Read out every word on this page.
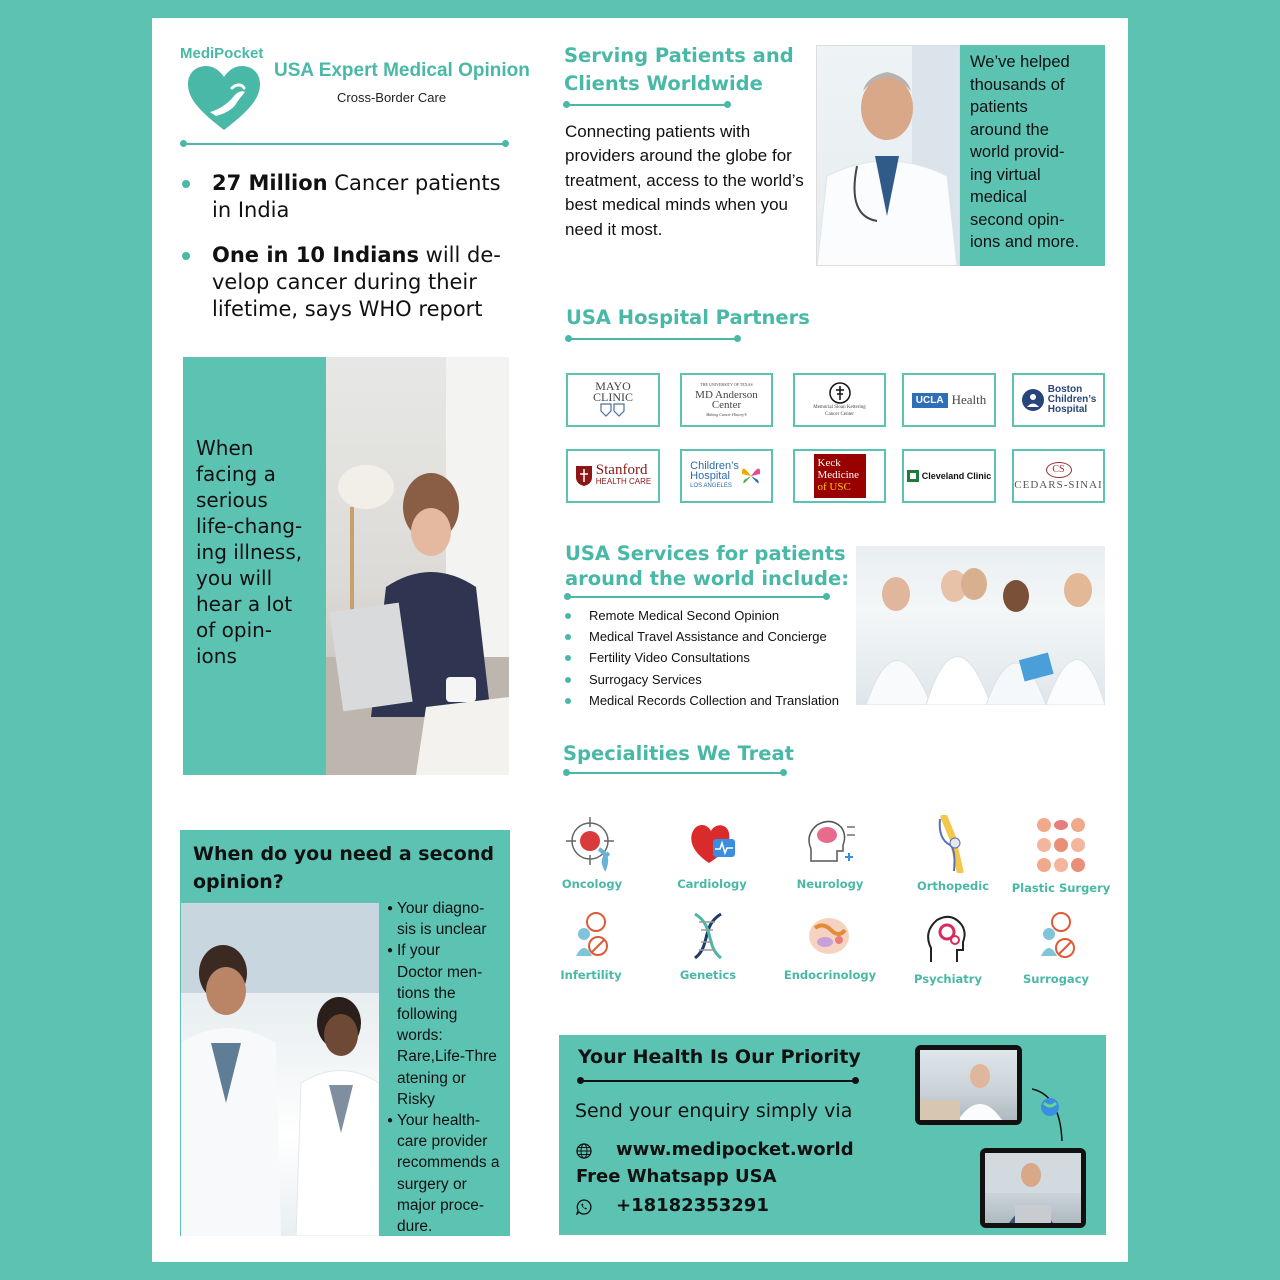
MediPocket
USA Expert Medical Opinion
Cross-Border Care
27 Million Cancer patients in India
One in 10 Indians will de-velop cancer during their lifetime, says WHO report
When
facing a
serious
life-chang-
ing illness,
you will
hear a lot
of opin-
ions
When do you need a second opinion?
● Your diagno-
sis is unclear
● If your
Doctor men-
tions the
following
words:
Rare,Life-Thre
atening or
Risky
● Your health-
care provider
recommends a
surgery or
major proce-
dure.
Serving Patients and
Clients Worldwide
Connecting patients with providers around the globe for treatment, access to the world’s best medical minds when you need it most.
We’ve helped
thousands of
patients
around the
world provid-
ing virtual
medical
second opin-
ions and more.
USA Hospital Partners
MAYO
CLINIC
THE UNIVERSITY OF TEXAS
MD Anderson
Center
Making Cancer History®
Memorial Sloan Kettering
Cancer Center
UCLA Health
Boston
Children’s
Hospital
Stanford
HEALTH CARE
Children’s
Hospital
LOS ANGELES
Keck
Medicine
of USC
Cleveland Clinic
CS
CEDARS-SINAI
USA Services for patients
around the world include:
Remote Medical Second Opinion
Medical Travel Assistance and Concierge
Fertility Video Consultations
Surrogacy Services
Medical Records Collection and Translation
Specialities We Treat
Oncology	Cardiology	Neurology	Orthopedic	Plastic Surgery
Infertility	Genetics	Endocrinology	Psychiatry	Surrogacy
Your Health Is Our Priority
Send your enquiry simply via
www.medipocket.world
Free Whatsapp USA
+18182353291
